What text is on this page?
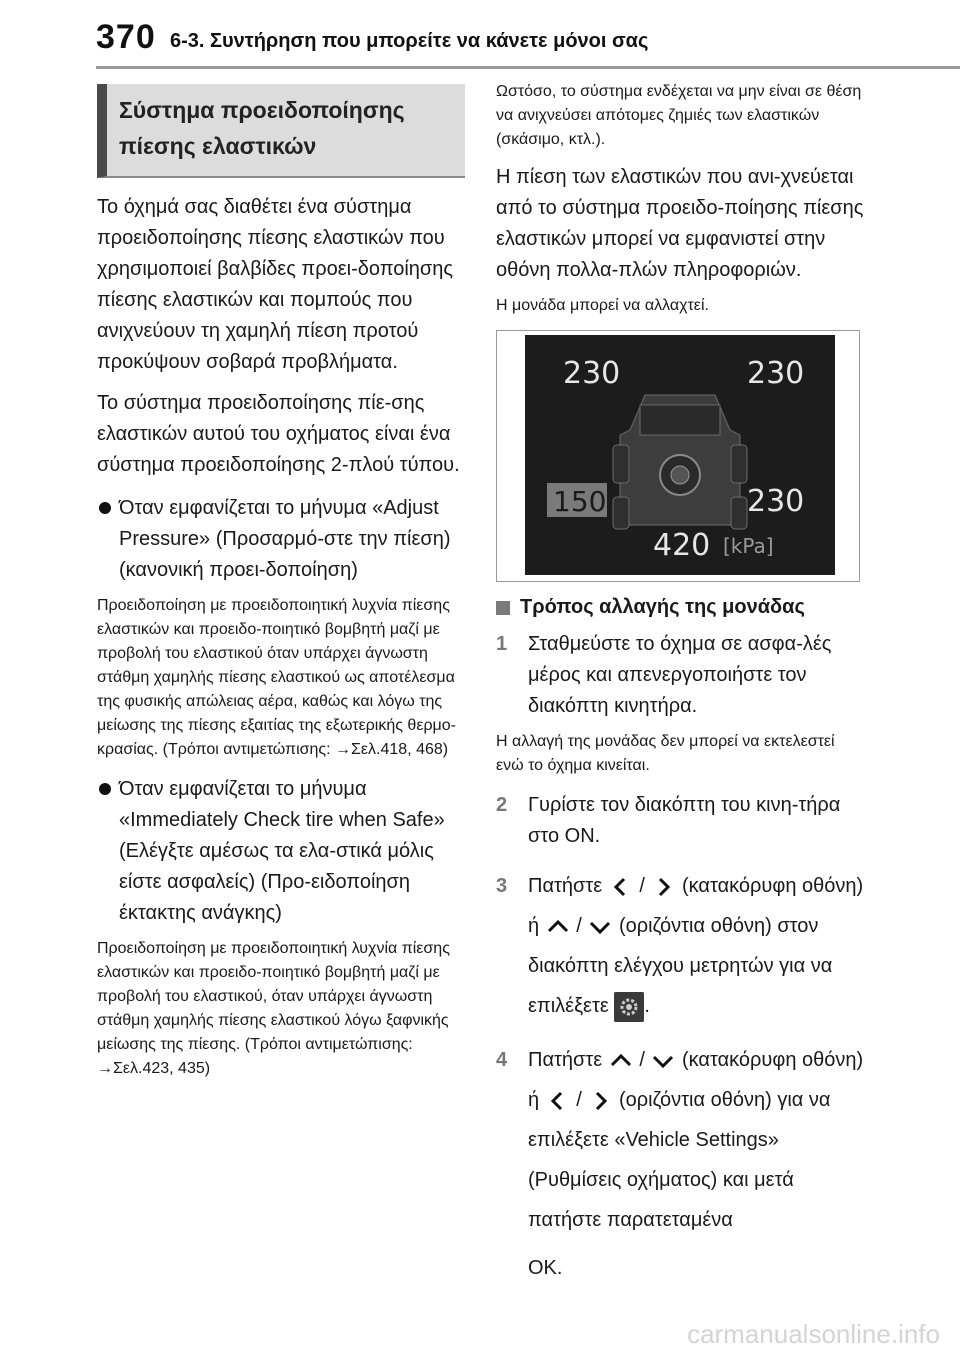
370 6-3. Συντήρηση που μπορείτε να κάνετε μόνοι σας
Σύστημα προειδοποίησης
πίεσης ελαστικών

Το όχημά σας διαθέτει ένα σύστημα προειδοποίησης πίεσης ελαστικών που χρησιμοποιεί βαλβίδες προει-δοποίησης πίεσης ελαστικών και πομπούς που ανιχνεύουν τη χαμηλή πίεση προτού προκύψουν σοβαρά προβλήματα.

Το σύστημα προειδοποίησης πίε-σης ελαστικών αυτού του οχήματος είναι ένα σύστημα προειδοποίησης 2-πλού τύπου.

Όταν εμφανίζεται το μήνυμα «Adjust Pressure» (Προσαρμό-στε την πίεση) (κανονική προει-δοποίηση)

Προειδοποίηση με προειδοποιητική λυχνία πίεσης ελαστικών και προειδο-ποιητικό βομβητή μαζί με προβολή του ελαστικού όταν υπάρχει άγνωστη στάθμη χαμηλής πίεσης ελαστικού ως αποτέλεσμα της φυσικής απώλειας αέρα, καθώς και λόγω της μείωσης της πίεσης εξαιτίας της εξωτερικής θερμο-κρασίας. (Τρόποι αντιμετώπισης: →Σελ.418, 468)

Όταν εμφανίζεται το μήνυμα «Immediately Check tire when Safe» (Ελέγξτε αμέσως τα ελα-στικά μόλις είστε ασφαλείς) (Προ-ειδοποίηση έκτακτης ανάγκης)

Προειδοποίηση με προειδοποιητική λυχνία πίεσης ελαστικών και προειδο-ποιητικό βομβητή μαζί με προβολή του ελαστικού, όταν υπάρχει άγνωστη στάθμη χαμηλής πίεσης ελαστικού λόγω ξαφνικής μείωσης της πίεσης. (Τρόποι αντιμετώπισης: →Σελ.423, 435)

Ωστόσο, το σύστημα ενδέχεται να μην είναι σε θέση να ανιχνεύσει απότομες ζημιές των ελαστικών (σκάσιμο, κτλ.).

Η πίεση των ελαστικών που ανι-χνεύεται από το σύστημα προειδο-ποίησης πίεσης ελαστικών μπορεί να εμφανιστεί στην οθόνη πολλα-πλών πληροφοριών.

Η μονάδα μπορεί να αλλαχτεί.

230	230
150	230
420 [kPa]
Τρόπος αλλαγής της μονάδας
1 Σταθμεύστε το όχημα σε ασφα-λές μέρος και απενεργοποιήστε τον διακόπτη κινητήρα.

Η αλλαγή της μονάδας δεν μπορεί να εκτελεστεί ενώ το όχημα κινείται.

2 Γυρίστε τον διακόπτη του κινη-τήρα στο ON.
3 Πατήστε / (κατακόρυφη οθόνη) ή / (οριζόντια οθόνη) στον διακόπτη ελέγχου μετρητών για να επιλέξετε .
4 Πατήστε / (κατακόρυφη οθόνη) ή / (οριζόντια οθόνη) για να επιλέξετε «Vehicle Settings» (Ρυθμίσεις οχήματος) και μετά πατήστε παρατεταμένα
OK.
carmanualsonline.info
